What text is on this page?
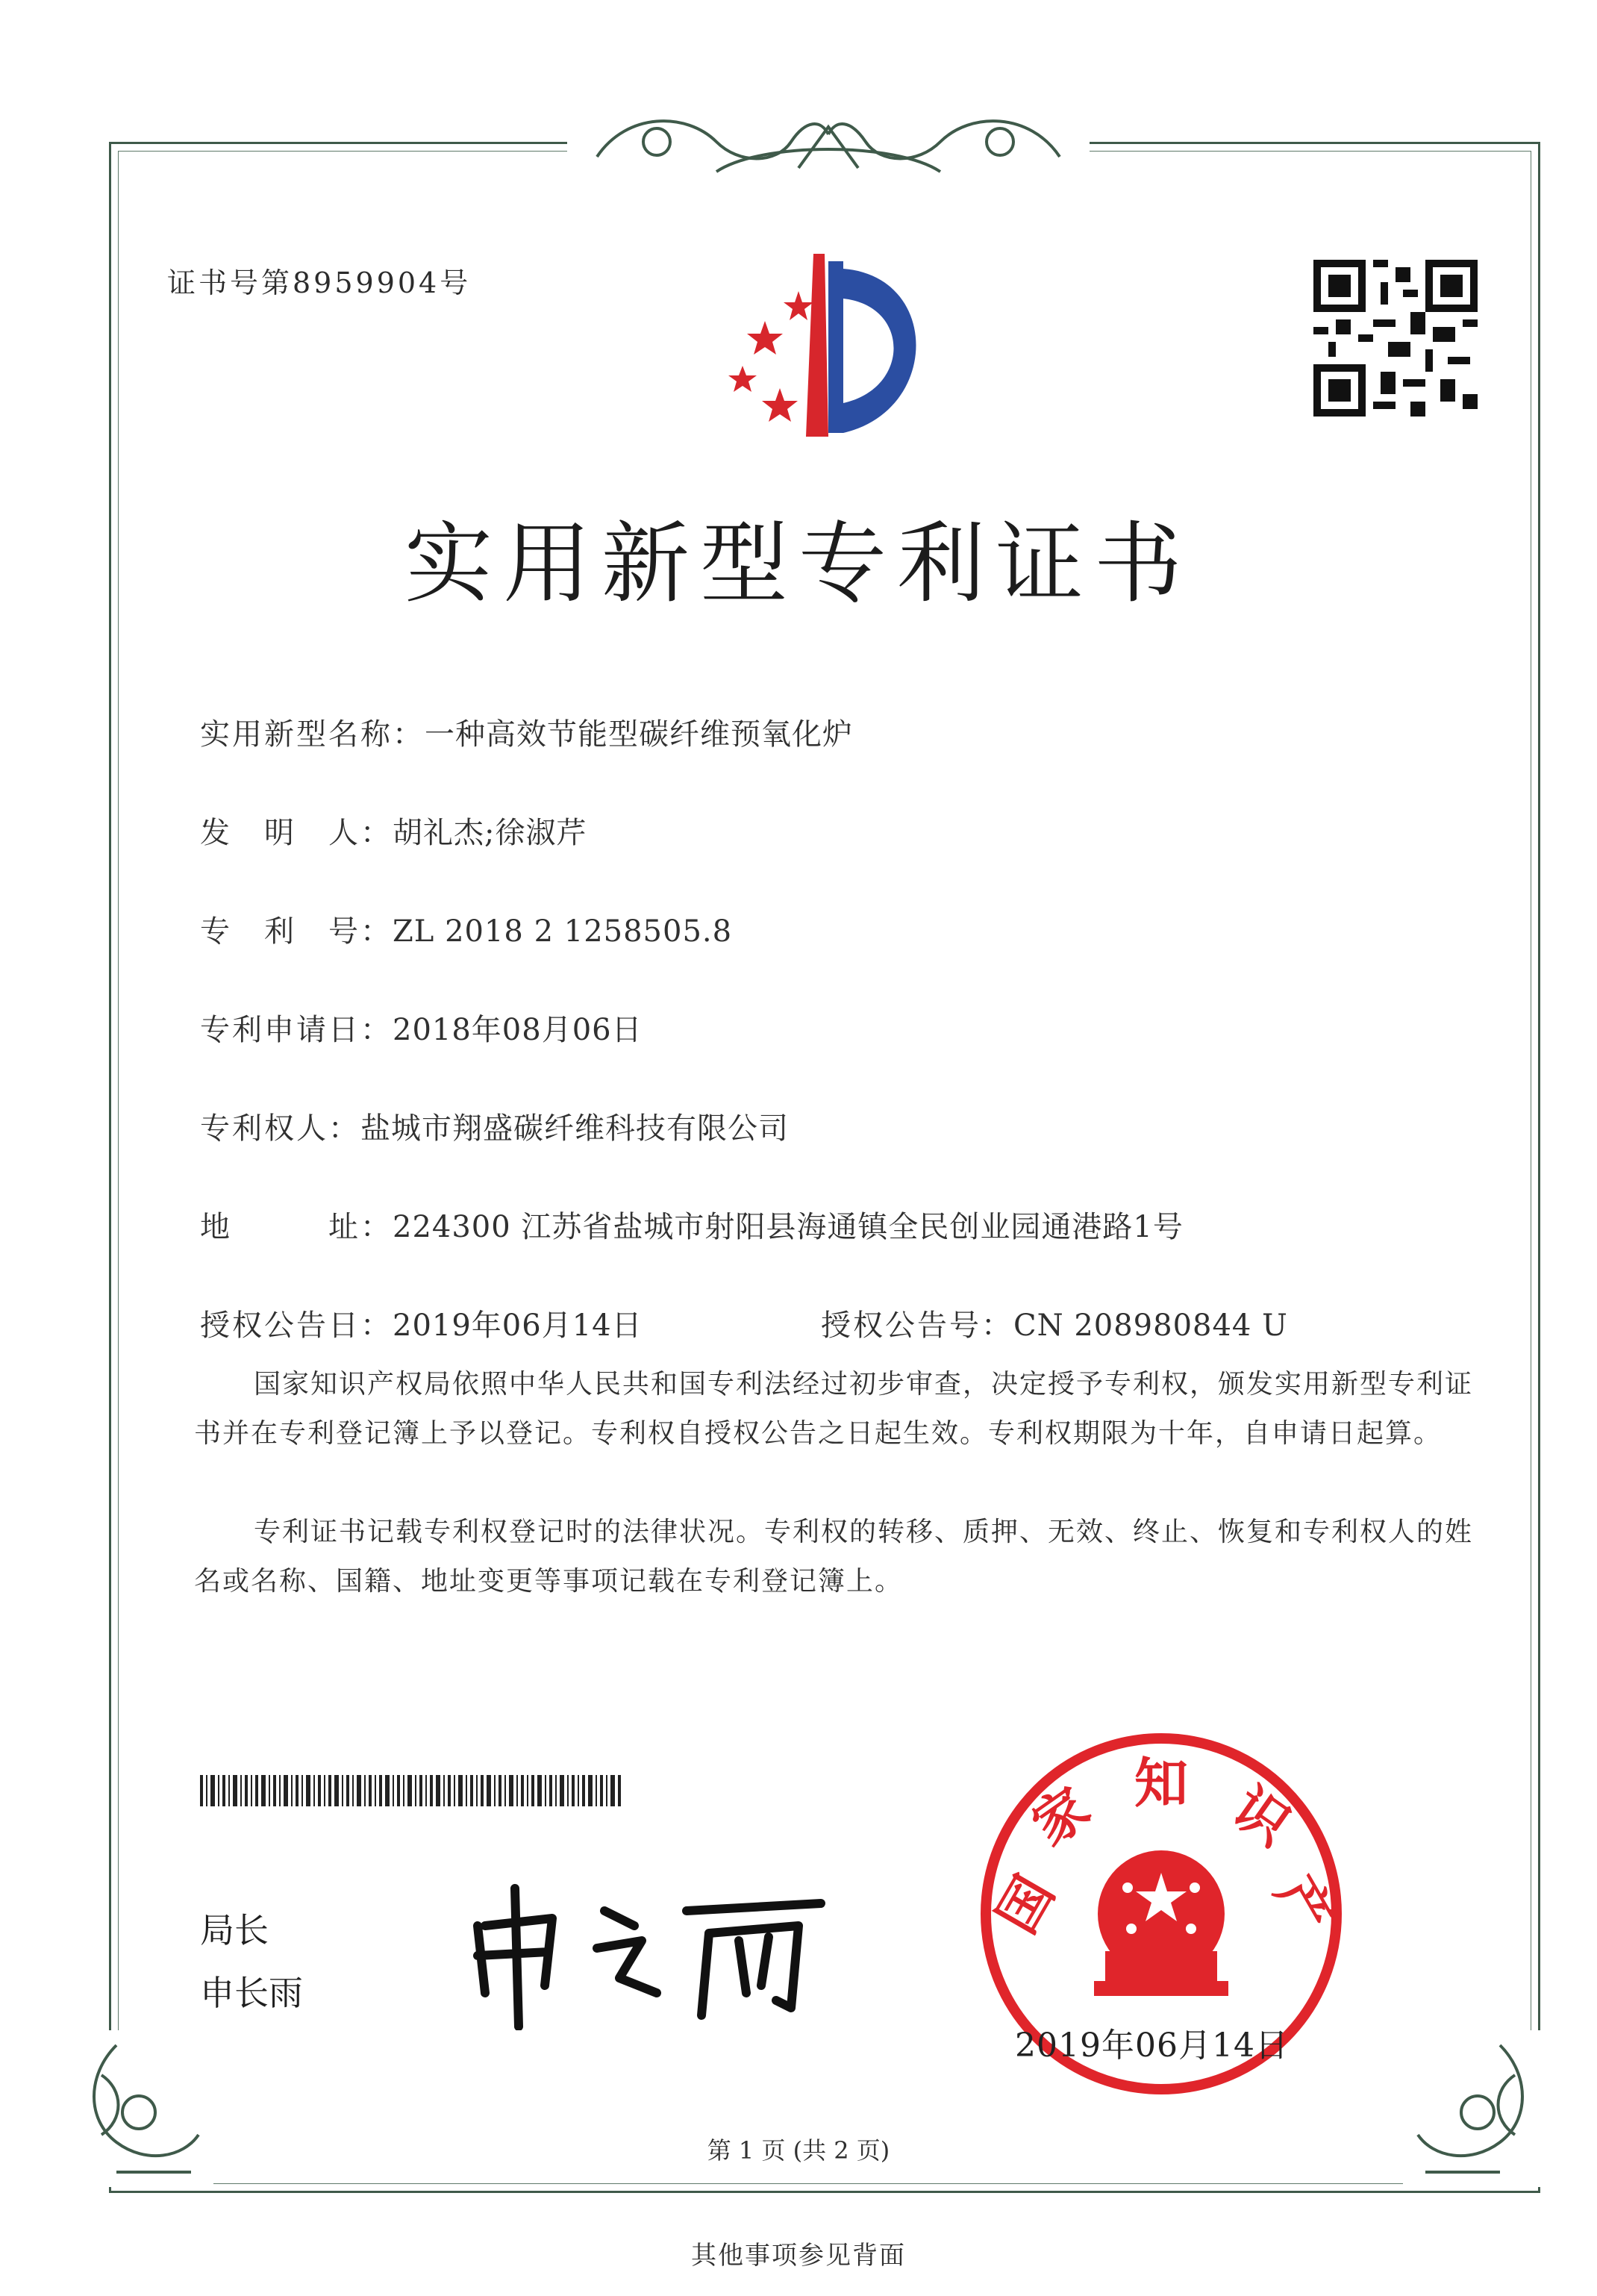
证书号第8959904号
实用新型专利证书
实用新型名称：一种高效节能型碳纤维预氧化炉
发　明　人：胡礼杰;徐淑芹
专　利　号：ZL 2018 2 1258505.8
专利申请日：2018年08月06日
专利权人：盐城市翔盛碳纤维科技有限公司
地　　　址：224300 江苏省盐城市射阳县海通镇全民创业园通港路1号
授权公告日：2019年06月14日	授权公告号：CN 208980844 U
国家知识产权局依照中华人民共和国专利法经过初步审查，决定授予专利权，颁发实用新型专利证书并在专利登记簿上予以登记。专利权自授权公告之日起生效。专利权期限为十年，自申请日起算。
专利证书记载专利权登记时的法律状况。专利权的转移、质押、无效、终止、恢复和专利权人的姓名或名称、国籍、地址变更等事项记载在专利登记簿上。
局长
申长雨
国
家 知 识
产
2019年06月14日
第 1 页 (共 2 页)
其他事项参见背面
